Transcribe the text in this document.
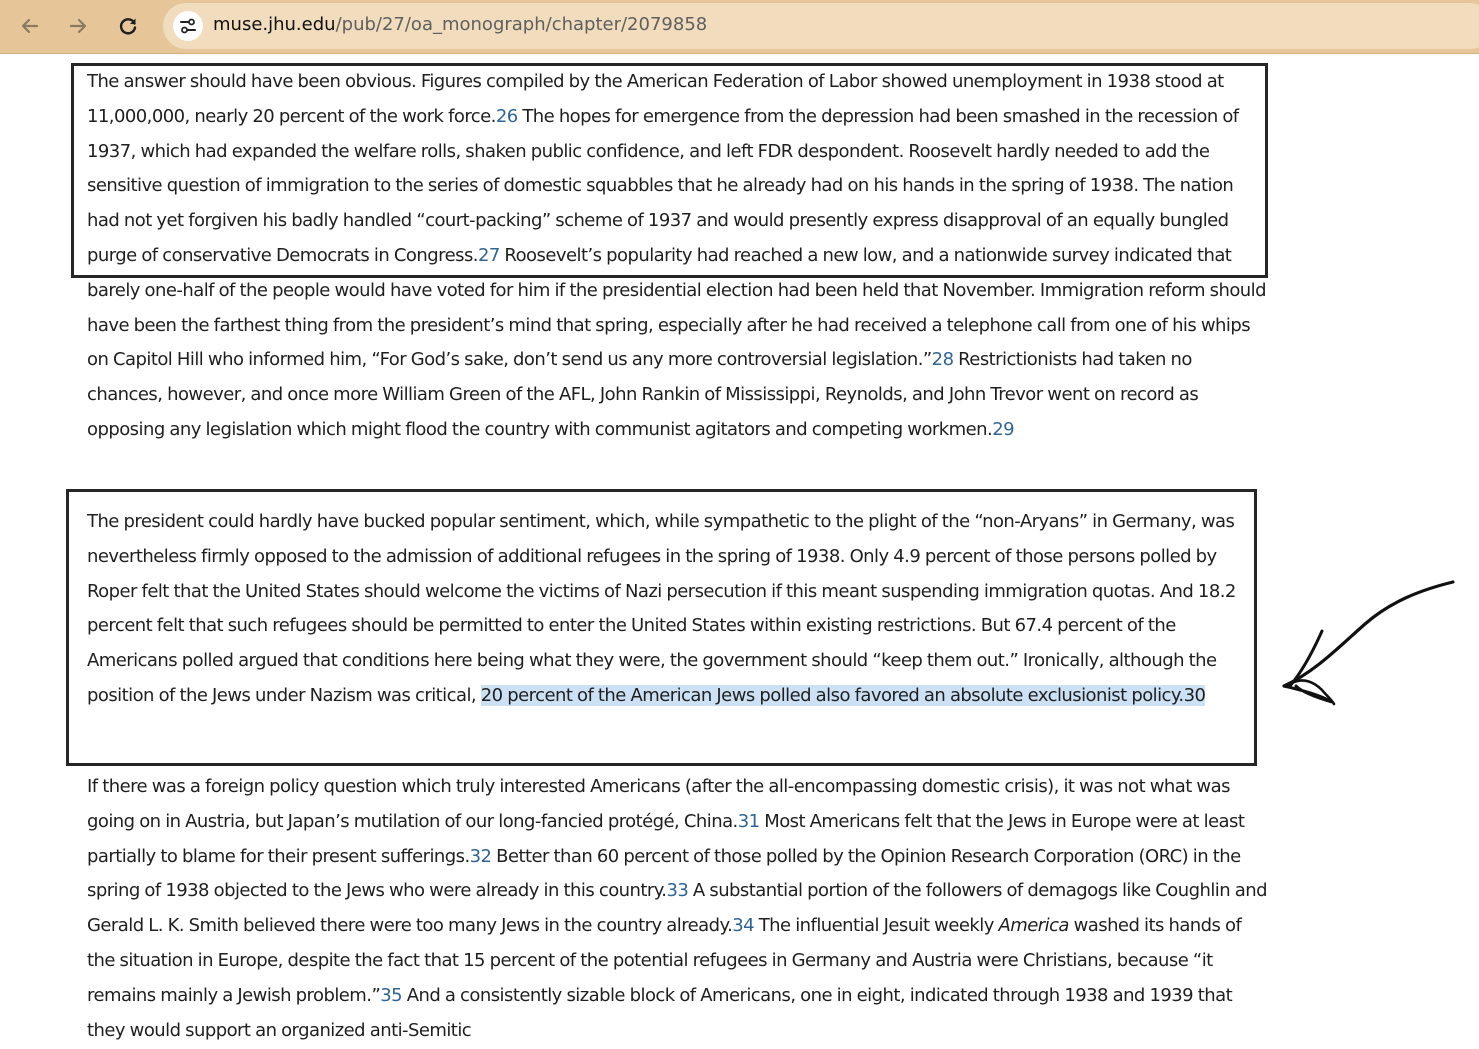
muse.jhu.edu/pub/27/oa_monograph/chapter/2079858

The answer should have been obvious. Figures compiled by the American Federation of Labor showed unemployment in 1938 stood at 11,000,000, nearly 20 percent of the work force.26 The hopes for emergence from the depression had been smashed in the recession of 1937, which had expanded the welfare rolls, shaken public confidence, and left FDR despondent. Roosevelt hardly needed to add the sensitive question of immigration to the series of domestic squabbles that he already had on his hands in the spring of 1938. The nation had not yet forgiven his badly handled “court-packing” scheme of 1937 and would presently express disapproval of an equally bungled purge of conservative Democrats in Congress.27 Roosevelt’s popularity had reached a new low, and a nationwide survey indicated that barely one-half of the people would have voted for him if the presidential election had been held that November. Immigration reform should have been the farthest thing from the president’s mind that spring, especially after he had received a telephone call from one of his whips on Capitol Hill who informed him, “For God’s sake, don’t send us any more controversial legislation.”28 Restrictionists had taken no chances, however, and once more William Green of the AFL, John Rankin of Mississippi, Reynolds, and John Trevor went on record as opposing any legislation which might flood the country with communist agitators and competing workmen.29

The president could hardly have bucked popular sentiment, which, while sympathetic to the plight of the “non-Aryans” in Germany, was nevertheless firmly opposed to the admission of additional refugees in the spring of 1938. Only 4.9 percent of those persons polled by Roper felt that the United States should welcome the victims of Nazi persecution if this meant suspending immigration quotas. And 18.2 percent felt that such refugees should be permitted to enter the United States within existing restrictions. But 67.4 percent of the Americans polled argued that conditions here being what they were, the government should “keep them out.” Ironically, although the position of the Jews under Nazism was critical, 20 percent of the American Jews polled also favored an absolute exclusionist policy.30

If there was a foreign policy question which truly interested Americans (after the all-encompassing domestic crisis), it was not what was going on in Austria, but Japan’s mutilation of our long-fancied protégé, China.31 Most Americans felt that the Jews in Europe were at least partially to blame for their present sufferings.32 Better than 60 percent of those polled by the Opinion Research Corporation (ORC) in the spring of 1938 objected to the Jews who were already in this country.33 A substantial portion of the followers of demagogs like Coughlin and Gerald L. K. Smith believed there were too many Jews in the country already.34 The influential Jesuit weekly America washed its hands of the situation in Europe, despite the fact that 15 percent of the potential refugees in Germany and Austria were Christians, because “it remains mainly a Jewish problem.”35 And a consistently sizable block of Americans, one in eight, indicated through 1938 and 1939 that they would support an organized anti-Semitic
